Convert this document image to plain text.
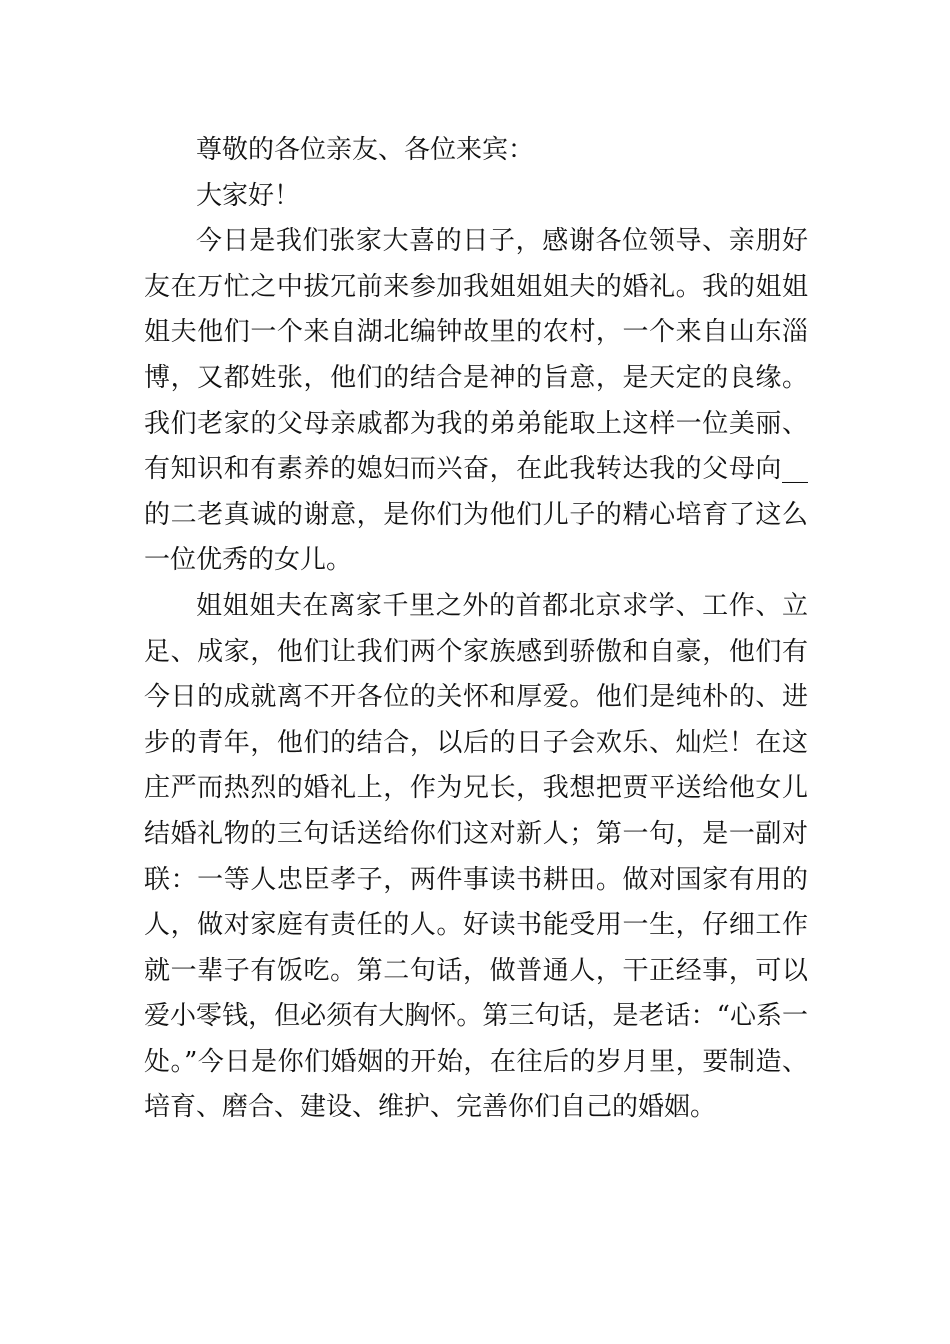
尊敬的各位亲友、各位来宾：

大家好！

今日是我们张家大喜的日子，感谢各位领导、亲朋好友在万忙之中拔冗前来参加我姐姐姐夫的婚礼。我的姐姐姐夫他们一个来自湖北编钟故里的农村，一个来自山东淄博，又都姓张，他们的结合是神的旨意，是天定的良缘。我们老家的父母亲戚都为我的弟弟能取上这样一位美丽、有知识和有素养的媳妇而兴奋，在此我转达我的父母向__的二老真诚的谢意，是你们为他们儿子的精心培育了这么一位优秀的女儿。

姐姐姐夫在离家千里之外的首都北京求学、工作、立足、成家，他们让我们两个家族感到骄傲和自豪，他们有今日的成就离不开各位的关怀和厚爱。他们是纯朴的、进步的青年，他们的结合，以后的日子会欢乐、灿烂！在这庄严而热烈的婚礼上，作为兄长，我想把贾平送给他女儿结婚礼物的三句话送给你们这对新人；第一句，是一副对联：一等人忠臣孝子，两件事读书耕田。做对国家有用的人，做对家庭有责任的人。好读书能受用一生，仔细工作就一辈子有饭吃。第二句话，做普通人，干正经事，可以爱小零钱，但必须有大胸怀。第三句话，是老话：“心系一处。”今日是你们婚姻的开始，在往后的岁月里，要制造、培育、磨合、建设、维护、完善你们自己的婚姻。
